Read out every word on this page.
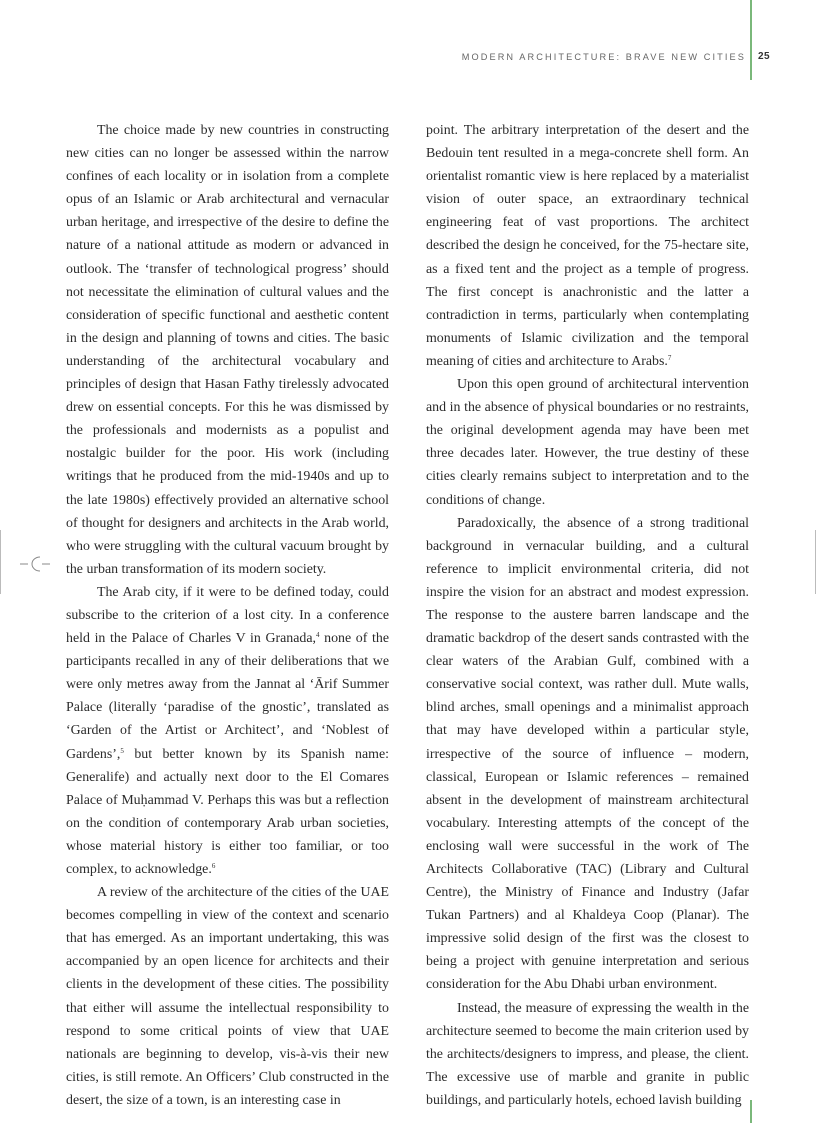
MODERN ARCHITECTURE: BRAVE NEW CITIES 25

The choice made by new countries in constructing new cities can no longer be assessed within the narrow confines of each locality or in isolation from a complete opus of an Islamic or Arab architectural and vernacular urban heritage, and irrespective of the desire to define the nature of a national attitude as modern or advanced in outlook. The ‘transfer of technological progress’ should not necessitate the elimination of cultural values and the consideration of specific functional and aesthetic content in the design and planning of towns and cities. The basic understanding of the architectural vocabulary and principles of design that Hasan Fathy tirelessly advocated drew on essential concepts. For this he was dismissed by the professionals and modernists as a populist and nostalgic builder for the poor. His work (including writings that he produced from the mid-1940s and up to the late 1980s) effectively provided an alternative school of thought for designers and architects in the Arab world, who were struggling with the cultural vacuum brought by the urban transformation of its modern society.

The Arab city, if it were to be defined today, could subscribe to the criterion of a lost city. In a conference held in the Palace of Charles V in Granada,$^4$ none of the participants recalled in any of their deliberations that we were only metres away from the Jannat al ‘Ārif Summer Palace (literally ‘paradise of the gnostic’, translated as ‘Garden of the Artist or Architect’, and ‘Noblest of Gardens’,$^5$ but better known by its Spanish name: Generalife) and actually next door to the El Comares Palace of Muḥammad V. Perhaps this was but a reflection on the condition of contemporary Arab urban societies, whose material history is either too familiar, or too complex, to acknowledge.$^6$

A review of the architecture of the cities of the UAE becomes compelling in view of the context and scenario that has emerged. As an important undertaking, this was accompanied by an open licence for architects and their clients in the development of these cities. The possibility that either will assume the intellectual responsibility to respond to some critical points of view that UAE nationals are beginning to develop, vis-à-vis their new cities, is still remote. An Officers’ Club constructed in the desert, the size of a town, is an interesting case in

point. The arbitrary interpretation of the desert and the Bedouin tent resulted in a mega-concrete shell form. An orientalist romantic view is here replaced by a materialist vision of outer space, an extraordinary technical engineering feat of vast proportions. The architect described the design he conceived, for the 75-hectare site, as a fixed tent and the project as a temple of progress. The first concept is anachronistic and the latter a contradiction in terms, particularly when contemplating monuments of Islamic civilization and the temporal meaning of cities and architecture to Arabs.$^7$

Upon this open ground of architectural intervention and in the absence of physical boundaries or no restraints, the original development agenda may have been met three decades later. However, the true destiny of these cities clearly remains subject to interpretation and to the conditions of change.

Paradoxically, the absence of a strong traditional background in vernacular building, and a cultural reference to implicit environmental criteria, did not inspire the vision for an abstract and modest expression. The response to the austere barren landscape and the dramatic backdrop of the desert sands contrasted with the clear waters of the Arabian Gulf, combined with a conservative social context, was rather dull. Mute walls, blind arches, small openings and a minimalist approach that may have developed within a particular style, irrespective of the source of influence – modern, classical, European or Islamic references – remained absent in the development of mainstream architectural vocabulary. Interesting attempts of the concept of the enclosing wall were successful in the work of The Architects Collaborative (TAC) (Library and Cultural Centre), the Ministry of Finance and Industry (Jafar Tukan Partners) and al Khaldeya Coop (Planar). The impressive solid design of the first was the closest to being a project with genuine interpretation and serious consideration for the Abu Dhabi urban environment.

Instead, the measure of expressing the wealth in the architecture seemed to become the main criterion used by the architects/designers to impress, and please, the client. The excessive use of marble and granite in public buildings, and particularly hotels, echoed lavish building
